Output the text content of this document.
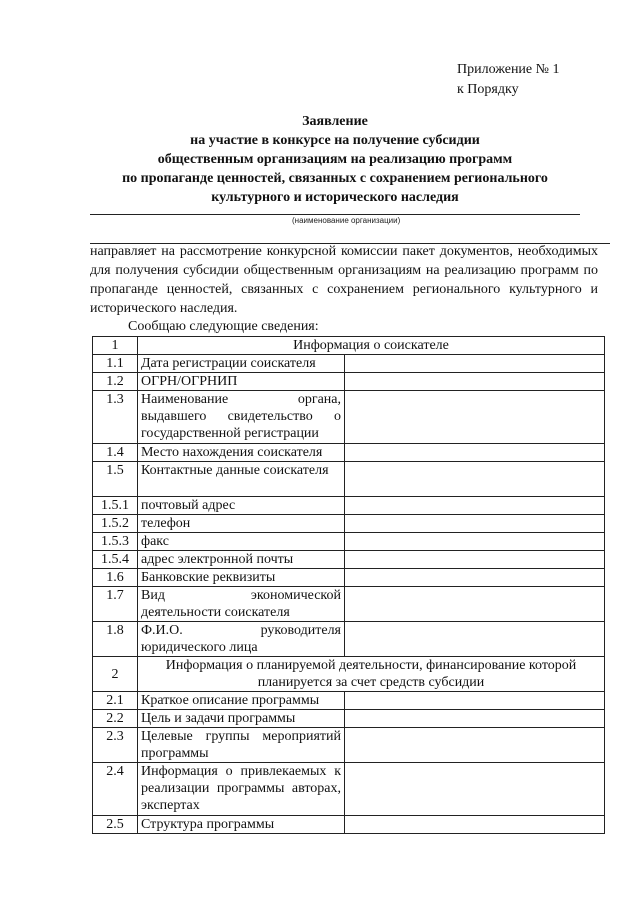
Приложение № 1
к Порядку
Заявление
на участие в конкурсе на получение субсидии
общественным организациям на реализацию программ
по пропаганде ценностей, связанных с сохранением регионального
культурного и исторического наследия
(наименование организации)
направляет на рассмотрение конкурсной комиссии пакет документов, необходимых для получения субсидии общественным организациям на реализацию программ по пропаганде ценностей, связанных с сохранением регионального культурного и исторического наследия.
Сообщаю следующие сведения:
1	Информация о соискателе	
1.1	Дата регистрации соискателя	
1.2	ОГРН/ОГРНИП	
1.3	Наименование органа, выдавшего свидетельство о государственной регистрации	
1.4	Место нахождения соискателя	
1.5	Контактные данные соискателя	
1.5.1	почтовый адрес	
1.5.2	телефон	
1.5.3	факс	
1.5.4	адрес электронной почты	
1.6	Банковские реквизиты	
1.7	Вид экономической деятельности соискателя	
1.8	Ф.И.О. руководителя юридического лица	
2	Информация о планируемой деятельности, финансирование которой планируется за счет средств субсидии	
2.1	Краткое описание программы	
2.2	Цель и задачи программы	
2.3	Целевые группы мероприятий программы	
2.4	Информация о привлекаемых к реализации программы авторах, экспертах	
2.5	Структура программы	
